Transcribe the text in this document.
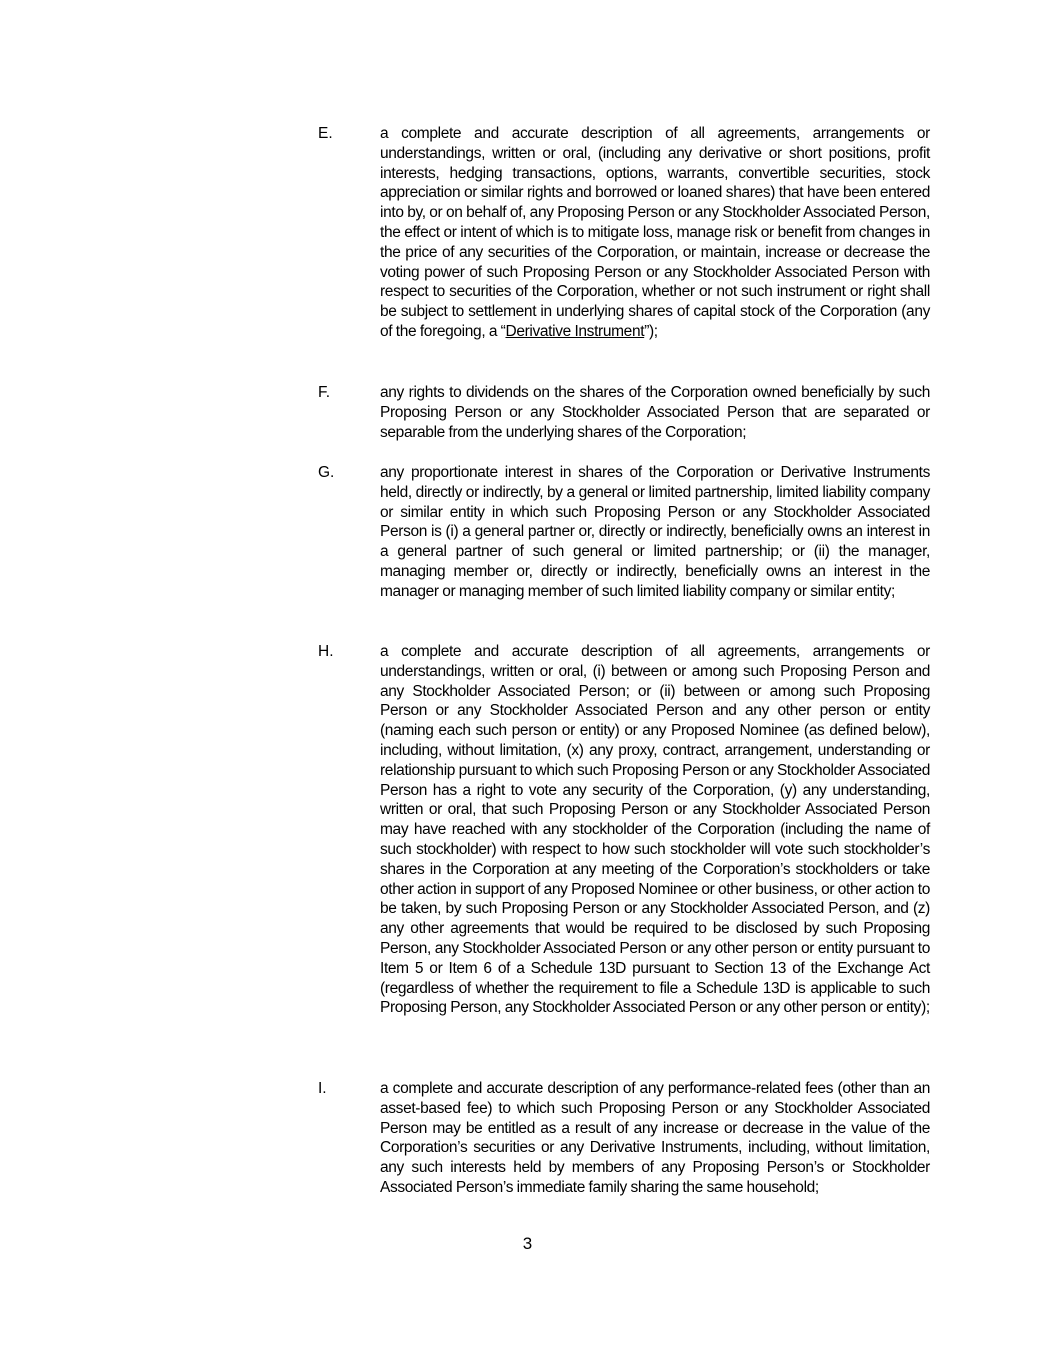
E.	a complete and accurate description of all agreements, arrangements or understandings, written or oral, (including any derivative or short positions, profit interests, hedging transactions, options, warrants, convertible securities, stock appreciation or similar rights and borrowed or loaned shares) that have been entered into by, or on behalf of, any Proposing Person or any Stockholder Associated Person, the effect or intent of which is to mitigate loss, manage risk or benefit from changes in the price of any securities of the Corporation, or maintain, increase or decrease the voting power of such Proposing Person or any Stockholder Associated Person with respect to securities of the Corporation, whether or not such instrument or right shall be subject to settlement in underlying shares of capital stock of the Corporation (any of the foregoing, a “Derivative Instrument”);
F.	any rights to dividends on the shares of the Corporation owned beneficially by such Proposing Person or any Stockholder Associated Person that are separated or separable from the underlying shares of the Corporation;
G.	any proportionate interest in shares of the Corporation or Derivative Instruments held, directly or indirectly, by a general or limited partnership, limited liability company or similar entity in which such Proposing Person or any Stockholder Associated Person is (i) a general partner or, directly or indirectly, beneficially owns an interest in a general partner of such general or limited partnership; or (ii) the manager, managing member or, directly or indirectly, beneficially owns an interest in the manager or managing member of such limited liability company or similar entity;
H.	a complete and accurate description of all agreements, arrangements or understandings, written or oral, (i) between or among such Proposing Person and any Stockholder Associated Person; or (ii) between or among such Proposing Person or any Stockholder Associated Person and any other person or entity (naming each such person or entity) or any Proposed Nominee (as defined below), including, without limitation, (x) any proxy, contract, arrangement, understanding or relationship pursuant to which such Proposing Person or any Stockholder Associated Person has a right to vote any security of the Corporation, (y) any understanding, written or oral, that such Proposing Person or any Stockholder Associated Person may have reached with any stockholder of the Corporation (including the name of such stockholder) with respect to how such stockholder will vote such stockholder’s shares in the Corporation at any meeting of the Corporation’s stockholders or take other action in support of any Proposed Nominee or other business, or other action to be taken, by such Proposing Person or any Stockholder Associated Person, and (z) any other agreements that would be required to be disclosed by such Proposing Person, any Stockholder Associated Person or any other person or entity pursuant to Item 5 or Item 6 of a Schedule 13D pursuant to Section 13 of the Exchange Act (regardless of whether the requirement to file a Schedule 13D is applicable to such Proposing Person, any Stockholder Associated Person or any other person or entity);
I.	a complete and accurate description of any performance-related fees (other than an asset-based fee) to which such Proposing Person or any Stockholder Associated Person may be entitled as a result of any increase or decrease in the value of the Corporation’s securities or any Derivative Instruments, including, without limitation, any such interests held by members of any Proposing Person’s or Stockholder Associated Person’s immediate family sharing the same household;
3
